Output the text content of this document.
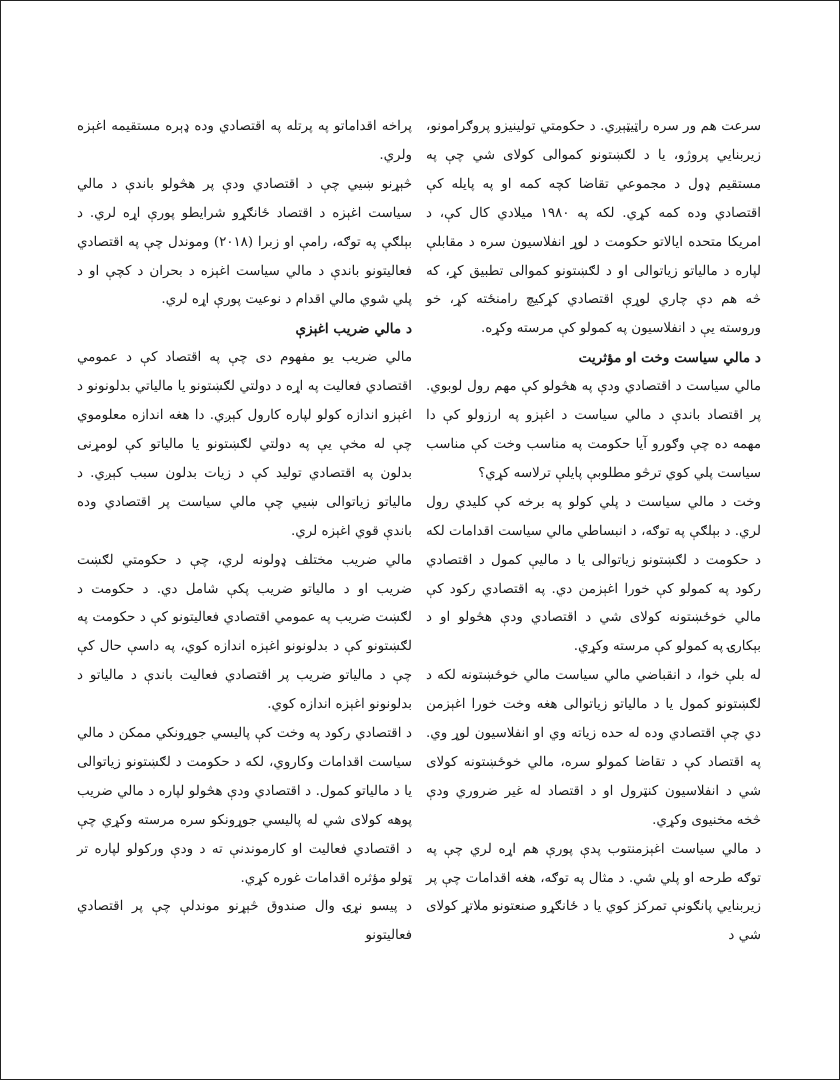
سرعت هم ور سره راټيټېږي. د حکومتي تولينيزو پروګرامونو، زيربنايي پروژو، يا د لګښتونو کموالی کولای شي چې په مستقيم ډول د مجموعي تقاضا کچه کمه او په پايله کې اقتصادي وده کمه کړي. لکه په ۱۹۸۰ ميلادي کال کې، د امريکا متحده ايالاتو حکومت د لوړ انفلاسيون سره د مقابلې لپاره د مالياتو زياتوالی او د لګښتونو کموالی تطبيق کړ، که څه هم دې چاري لوړې اقتصادي کړکيچ رامنځته کړ، خو وروسته يې د انفلاسيون په کمولو کې مرسته وکړه.

د مالي سياست وخت او مؤثريت

مالي سياست د اقتصادي ودې په هڅولو کې مهم رول لوبوي. پر اقتصاد باندې د مالي سياست د اغېزو په ارزولو کې دا مهمه ده چې وګورو آيا حکومت په مناسب وخت کې مناسب سياست پلي کوي ترڅو مطلوبې پايلې ترلاسه کړي؟

وخت د مالي سياست د پلي کولو په برخه کې کليدي رول لري. د بېلګې په توګه، د انبساطي مالي سياست اقدامات لکه د حکومت د لګښتونو زياتوالی يا د ماليې کمول د اقتصادي رکود په کمولو کې خورا اغېزمن دي. په اقتصادي رکود کې مالي خوځښتونه کولای شي د اقتصادي ودې هڅولو او د بېکارۍ په کمولو کې مرسته وکړي.

له بلې خوا، د انقباضي مالي سياست مالي خوځښتونه لکه د لګښتونو کمول يا د مالياتو زياتوالی هغه وخت خورا اغېزمن دي چې اقتصادي وده له حده زياته وي او انفلاسيون لوړ وي. په اقتصاد کې د تقاضا کمولو سره، مالي خوځښتونه کولای شي د انفلاسيون کنټرول او د اقتصاد له غير ضروري ودې څخه مخنيوی وکړي.

د مالي سياست اغېزمنتوب پدې پورې هم اړه لري چې په توګه طرحه او پلي شي. د مثال په توګه، هغه اقدامات چې پر زيربنايي پانګونې تمرکز کوي يا د ځانګړو صنعتونو ملاتړ کولای شي د

پراخه اقداماتو په پرتله په اقتصادي وده ډېره مستقيمه اغېزه ولري.

څېړنو ښيي چې د اقتصادي ودې پر هڅولو باندې د مالي سياست اغېزه د اقتصاد ځانګړو شرايطو پورې اړه لري. د بېلګې په توګه، رامې او زبرا (۲۰۱۸) وموندل چې په اقتصادي فعاليتونو باندې د مالي سياست اغېزه د بحران د کچې او د پلي شوي مالي اقدام د نوعيت پورې اړه لري.

د مالي ضريب اغېزې

مالي ضريب يو مفهوم دی چې په اقتصاد کې د عمومي اقتصادي فعاليت په اړه د دولتي لګښتونو يا مالياتي بدلونونو د اغېزو اندازه کولو لپاره کارول کېږي. دا هغه اندازه معلوموي چې له مخې يې په دولتي لګښتونو يا مالياتو کې لومړنی بدلون په اقتصادي توليد کې د زيات بدلون سبب کېږي. د مالياتو زياتوالی ښيي چې مالي سياست پر اقتصادي وده باندې قوي اغېزه لري.

مالي ضريب مختلف ډولونه لري، چې د حکومتي لګښت ضريب او د مالياتو ضريب پکې شامل دي. د حکومت د لګښت ضريب په عمومي اقتصادي فعاليتونو کې د حکومت په لګښتونو کې د بدلونونو اغېزه اندازه کوي، په داسې حال کې چې د مالياتو ضريب پر اقتصادي فعاليت باندې د مالياتو د بدلونونو اغېزه اندازه کوي.

د اقتصادي رکود په وخت کې پاليسي جوړونکي ممکن د مالي سياست اقدامات وکاروي، لکه د حکومت د لګښتونو زياتوالی يا د مالياتو کمول. د اقتصادي ودې هڅولو لپاره د مالي ضريب پوهه کولای شي له پاليسي جوړونکو سره مرسته وکړي چې د اقتصادي فعاليت او کارموندنې ته د ودې ورکولو لپاره تر ټولو مؤثره اقدامات غوره کړي.

د پيسو نړۍ وال صندوق څېړنو موندلې چې پر اقتصادي فعاليتونو
